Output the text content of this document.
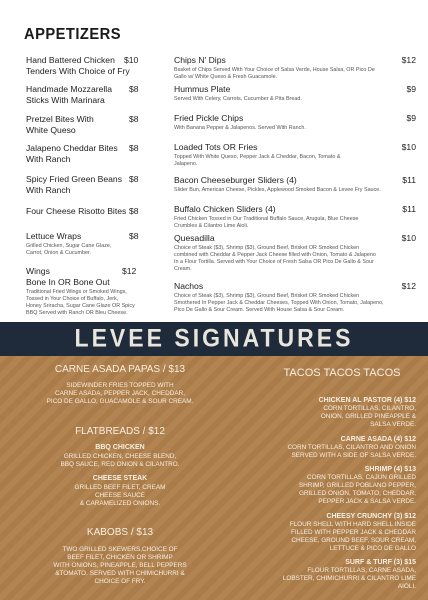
APPETIZERS
Hand Battered Chicken
Tenders With Choice of Fry
$10
Handmade Mozzarella
Sticks With Marinara
$8
Pretzel Bites With
White Queso
$8
Jalapeno Cheddar Bites
With Ranch
$8
Spicy Fried Green Beans
With Ranch
$8
Four Cheese Risotto Bites $8
Lettuce Wraps	$8
Grilled Chicken, Sugar Cane Glaze,
Carrot, Onion & Cucumber.
Wings
Bone In OR Bone Out
$12
Traditional Fried Wings or Smoked Wings,
Tossed in Your Choice of Buffalo, Jerk,
Honey Sriracha, Sugar Cane Glaze OR Spicy
BBQ Served with Ranch OR Bleu Cheese.
Chips N' Dips	$12
Basket of Chips Served With Your Choice of Salsa Verde, House Salsa, OR Pico De
Gallo w/ White Queso & Fresh Guacamole.
Hummus Plate	$9
Served With Celery, Carrots, Cucumber & Pita Bread.
Fried Pickle Chips	$9
With Banana Pepper & Jalapenos. Served With Ranch.
Loaded Tots OR Fries	$10
Topped With White Queso, Pepper Jack & Cheddar, Bacon, Tomato &
Jalapeno.
Bacon Cheeseburger Sliders (4)	$11
Slider Bun, American Cheese, Pickles, Applewood Smoked Bacon & Levee Fry Sauce.
Buffalo Chicken Sliders (4)	$11
Fried Chicken Tossed in Our Traditional Buffalo Sauce, Arugula, Blue Cheese
Crumbles & Cilantro Lime Aioli.
Quesadilla	$10
Choice of Steak ($3), Shrimp ($3), Ground Beef, Brisket OR Smoked Chicken
combined with Cheddar & Pepper Jack Cheese filled with Onion, Tomato & Jalapeno
In a Flour Tortilla. Served with Your Choice of Fresh Salsa OR Pico De Gallo & Sour
Cream.
Nachos	$12
Choice of Steak ($3), Shrimp ($3), Ground Beef, Brisket OR Smoked Chicken
Smothered In Pepper Jack & Cheddar Cheeses, Topped With Onion, Tomato, Jalapeno,
Pico De Gallo & Sour Cream. Served With House Salsa & Sour Cream.
LEVEE SIGNATURES
CARNE ASADA PAPAS / $13
SIDEWINDER FRIES TOPPED WITH
CARNE ASADA, PEPPER JACK, CHEDDAR,
PICO DE GALLO, GUACAMOLE & SOUR CREAM.
FLATBREADS / $12
BBQ CHICKEN
GRILLED CHICKEN, CHEESE BLEND,
BBQ SAUCE, RED ONION & CILANTRO.
CHEESE STEAK
GRILLED BEEF FILET, CREAM
CHEESE SAUCE
& CARAMELIZED ONIONS.
KABOBS / $13
TWO GRILLED SKEWERS,CHOICE OF
BEEF FILET, CHICKEN OR SHRIMP
WITH ONIONS, PINEAPPLE, BELL PEPPERS
&TOMATO. SERVED WITH CHIMICHURRI &
CHOICE OF FRY.
TACOS TACOS TACOS
CHICKEN AL PASTOR (4) $12
CORN TORTILLAS, CILANTRO,
ONION, GRILLED PINEAPPLE &
SALSA VERDE.
CARNE ASADA (4) $12
CORN TORTILLAS, CILANTRO AND ONION
SERVED WITH A SIDE OF SALSA VERDE.
SHRIMP (4) $13
CORN TORTILLAS, CAJUN GRILLED
SHRIMP, GRILLED POBLANO PEPPER,
GRILLED ONION, TOMATO, CHEDDAR,
PEPPER JACK & SALSA VERDE.
CHEESY CRUNCHY (3) $12
FLOUR SHELL WITH HARD SHELL INSIDE
FILLED WITH PEPPER JACK & CHEDDAR
CHEESE, GROUND BEEF, SOUR CREAM,
LETTUCE & PICO DE GALLO
SURF & TURF (3) $15
FLOUR TORTILLAS, CARNE ASADA,
LOBSTER, CHIMICHURRI & CILANTRO LIME
AIOLI.
